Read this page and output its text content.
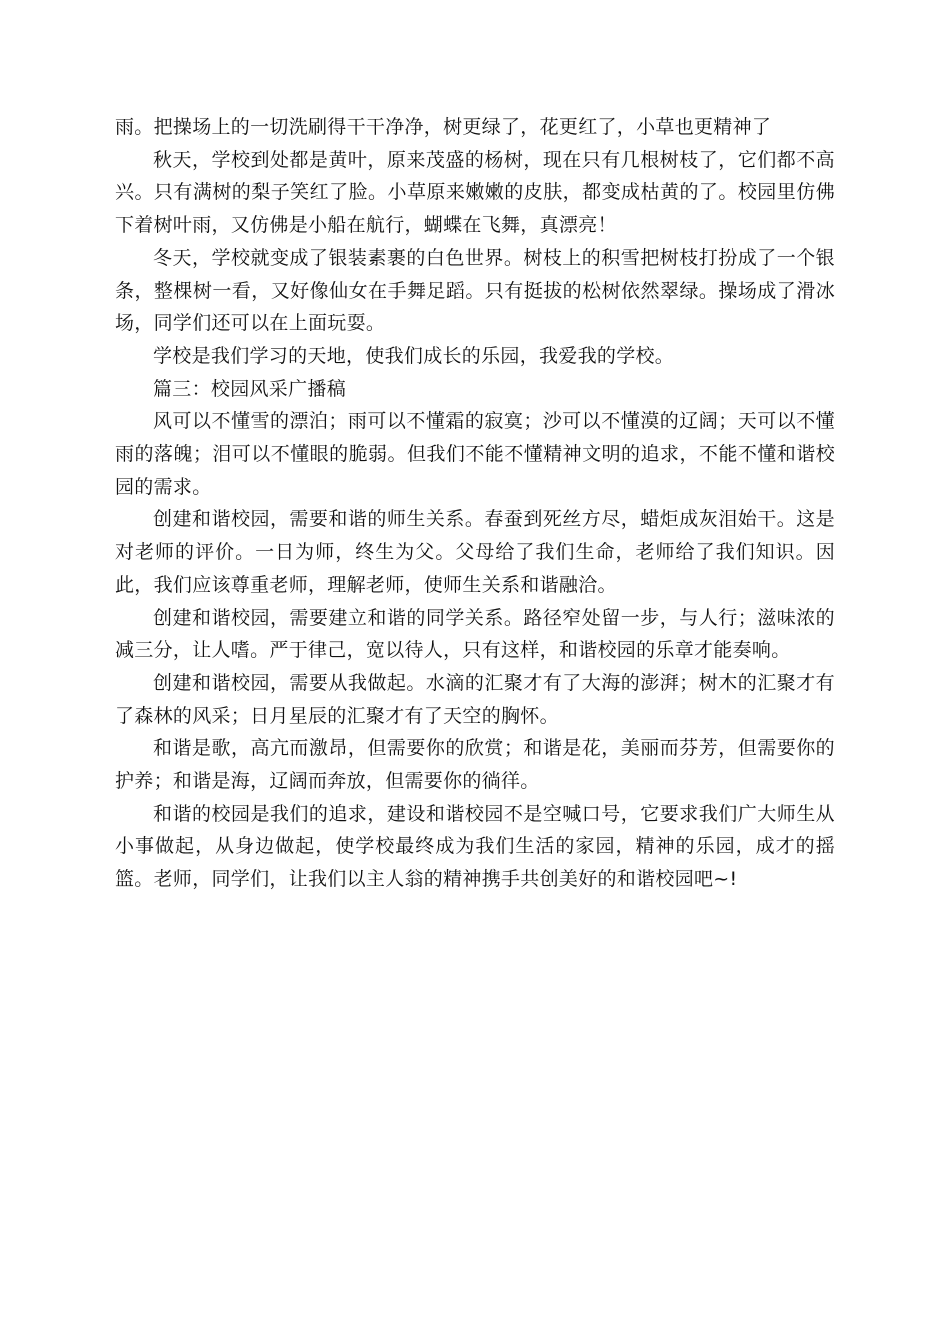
雨。把操场上的一切洗刷得干干净净，树更绿了，花更红了，小草也更精神了

秋天，学校到处都是黄叶，原来茂盛的杨树，现在只有几根树枝了，它们都不高兴。只有满树的梨子笑红了脸。小草原来嫩嫩的皮肤，都变成枯黄的了。校园里仿佛下着树叶雨，又仿佛是小船在航行，蝴蝶在飞舞，真漂亮！

冬天，学校就变成了银装素裹的白色世界。树枝上的积雪把树枝打扮成了一个银条，整棵树一看，又好像仙女在手舞足蹈。只有挺拔的松树依然翠绿。操场成了滑冰场，同学们还可以在上面玩耍。

学校是我们学习的天地，使我们成长的乐园，我爱我的学校。

篇三：校园风采广播稿

风可以不懂雪的漂泊；雨可以不懂霜的寂寞；沙可以不懂漠的辽阔；天可以不懂雨的落魄；泪可以不懂眼的脆弱。但我们不能不懂精神文明的追求，不能不懂和谐校园的需求。

创建和谐校园，需要和谐的师生关系。春蚕到死丝方尽，蜡炬成灰泪始干。这是对老师的评价。一日为师，终生为父。父母给了我们生命，老师给了我们知识。因此，我们应该尊重老师，理解老师，使师生关系和谐融洽。

创建和谐校园，需要建立和谐的同学关系。路径窄处留一步，与人行；滋味浓的减三分，让人嗜。严于律己，宽以待人，只有这样，和谐校园的乐章才能奏响。

创建和谐校园，需要从我做起。水滴的汇聚才有了大海的澎湃；树木的汇聚才有了森林的风采；日月星辰的汇聚才有了天空的胸怀。

和谐是歌，高亢而激昂，但需要你的欣赏；和谐是花，美丽而芬芳，但需要你的护养；和谐是海，辽阔而奔放，但需要你的徜徉。

和谐的校园是我们的追求，建设和谐校园不是空喊口号，它要求我们广大师生从小事做起，从身边做起，使学校最终成为我们生活的家园，精神的乐园，成才的摇篮。老师，同学们，让我们以主人翁的精神携手共创美好的和谐校园吧~!
